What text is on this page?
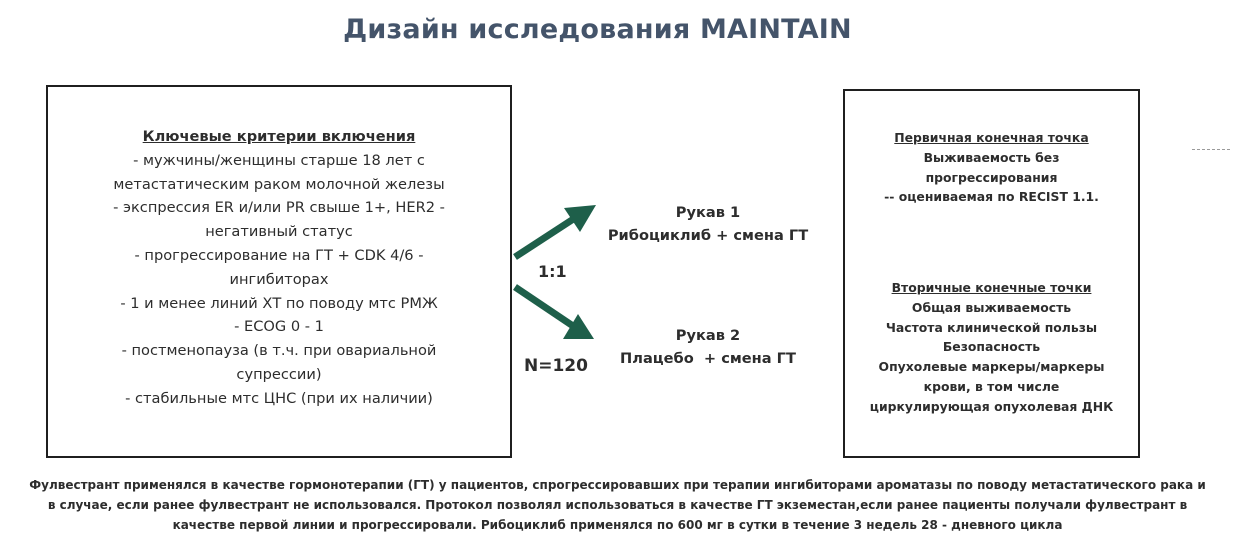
Дизайн исследования MAINTAIN
Ключевые критерии включения
- мужчины/женщины старше 18 лет с
метастатическим раком молочной железы
- экспрессия ER и/или PR свыше 1+, HER2 -
негативный статус
- прогрессирование на ГТ + CDK 4/6 -
ингибиторах
- 1 и менее линий ХТ по поводу мтс РМЖ
- ECOG 0 - 1
- постменопауза (в т.ч. при овариальной
супрессии)
- стабильные мтс ЦНС (при их наличии)
1:1
N=120
Рукав 1
Рибоциклиб + смена ГТ
Рукав 2
Плацебо  + смена ГТ
Первичная конечная точка
Выживаемость без
прогрессирования
-- оцениваемая по RECIST 1.1.
Вторичные конечные точки
Общая выживаемость
Частота клинической пользы
Безопасность
Опухолевые маркеры/маркеры
крови, в том числе
циркулирующая опухолевая ДНК
Фулвестрант применялся в качестве гормонотерапии (ГТ) у пациентов, спрогрессировавших при терапии ингибиторами ароматазы по поводу метастатического рака и
в случае, если ранее фулвестрант не использовался. Протокол позволял использоваться в качестве ГТ экземестан,если ранее пациенты получали фулвестрант в
качестве первой линии и прогрессировали. Рибоциклиб применялся по 600 мг в сутки в течение 3 недель 28 - дневного цикла
